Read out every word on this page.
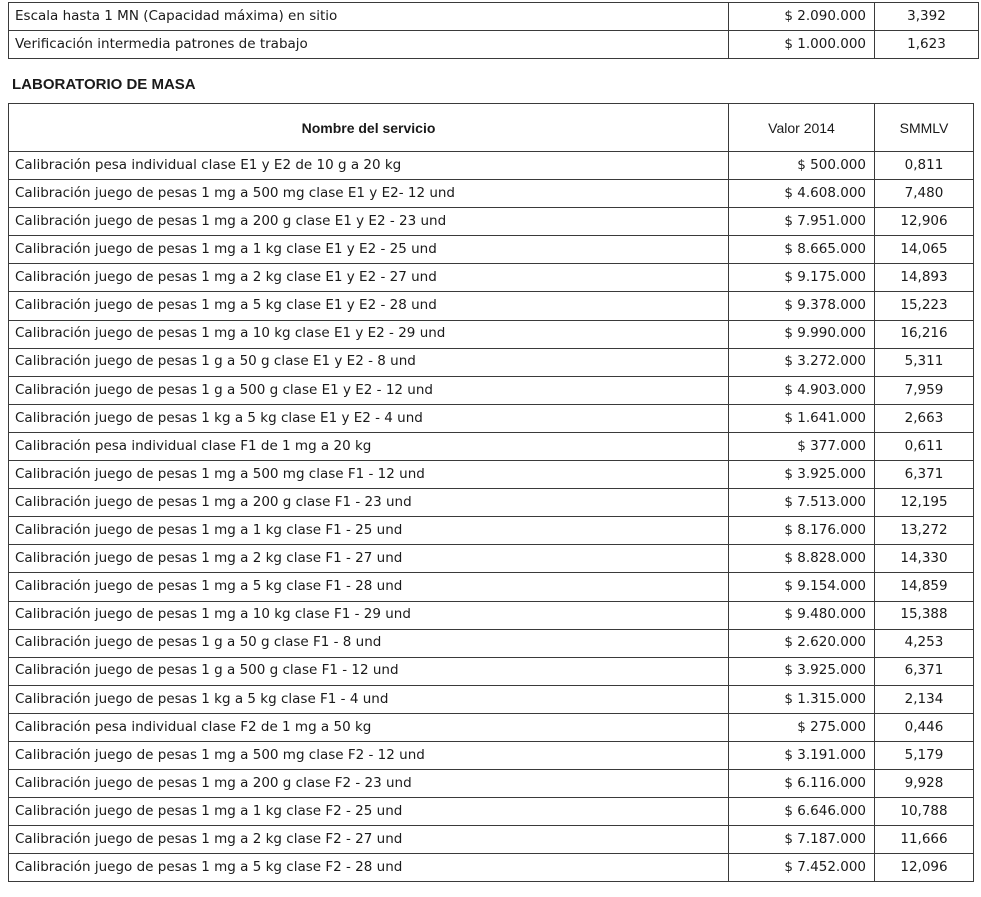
Escala hasta 1 MN (Capacidad máxima) en sitio	$ 2.090.000	3,392
Verificación intermedia patrones de trabajo	$ 1.000.000	1,623
LABORATORIO DE MASA
Nombre del servicio	Valor 2014	SMMLV
Calibración pesa individual clase E1 y E2 de 10 g a 20 kg	$ 500.000	0,811
Calibración juego de pesas 1 mg a 500 mg clase E1 y E2- 12 und	$ 4.608.000	7,480
Calibración juego de pesas 1 mg a 200 g clase E1 y E2 - 23 und	$ 7.951.000	12,906
Calibración juego de pesas 1 mg a 1 kg clase E1 y E2 - 25 und	$ 8.665.000	14,065
Calibración juego de pesas 1 mg a 2 kg clase E1 y E2 - 27 und	$ 9.175.000	14,893
Calibración juego de pesas 1 mg a 5 kg clase E1 y E2 - 28 und	$ 9.378.000	15,223
Calibración juego de pesas 1 mg a 10 kg clase E1 y E2 - 29 und	$ 9.990.000	16,216
Calibración juego de pesas 1 g a 50 g clase E1 y E2 - 8 und	$ 3.272.000	5,311
Calibración juego de pesas 1 g a 500 g clase E1 y E2 - 12 und	$ 4.903.000	7,959
Calibración juego de pesas 1 kg a 5 kg clase E1 y E2 - 4 und	$ 1.641.000	2,663
Calibración pesa individual clase F1 de 1 mg a 20 kg	$ 377.000	0,611
Calibración juego de pesas 1 mg a 500 mg clase F1 - 12 und	$ 3.925.000	6,371
Calibración juego de pesas 1 mg a 200 g clase F1 - 23 und	$ 7.513.000	12,195
Calibración juego de pesas 1 mg a 1 kg clase F1 - 25 und	$ 8.176.000	13,272
Calibración juego de pesas 1 mg a 2 kg clase F1 - 27 und	$ 8.828.000	14,330
Calibración juego de pesas 1 mg a 5 kg clase F1 - 28 und	$ 9.154.000	14,859
Calibración juego de pesas 1 mg a 10 kg clase F1 - 29 und	$ 9.480.000	15,388
Calibración juego de pesas 1 g a 50 g clase F1 - 8 und	$ 2.620.000	4,253
Calibración juego de pesas 1 g a 500 g clase F1 - 12 und	$ 3.925.000	6,371
Calibración juego de pesas 1 kg a 5 kg clase F1 - 4 und	$ 1.315.000	2,134
Calibración pesa individual clase F2 de 1 mg a 50 kg	$ 275.000	0,446
Calibración juego de pesas 1 mg a 500 mg clase F2 - 12 und	$ 3.191.000	5,179
Calibración juego de pesas 1 mg a 200 g clase F2 - 23 und	$ 6.116.000	9,928
Calibración juego de pesas 1 mg a 1 kg clase F2 - 25 und	$ 6.646.000	10,788
Calibración juego de pesas 1 mg a 2 kg clase F2 - 27 und	$ 7.187.000	11,666
Calibración juego de pesas 1 mg a 5 kg clase F2 - 28 und	$ 7.452.000	12,096
